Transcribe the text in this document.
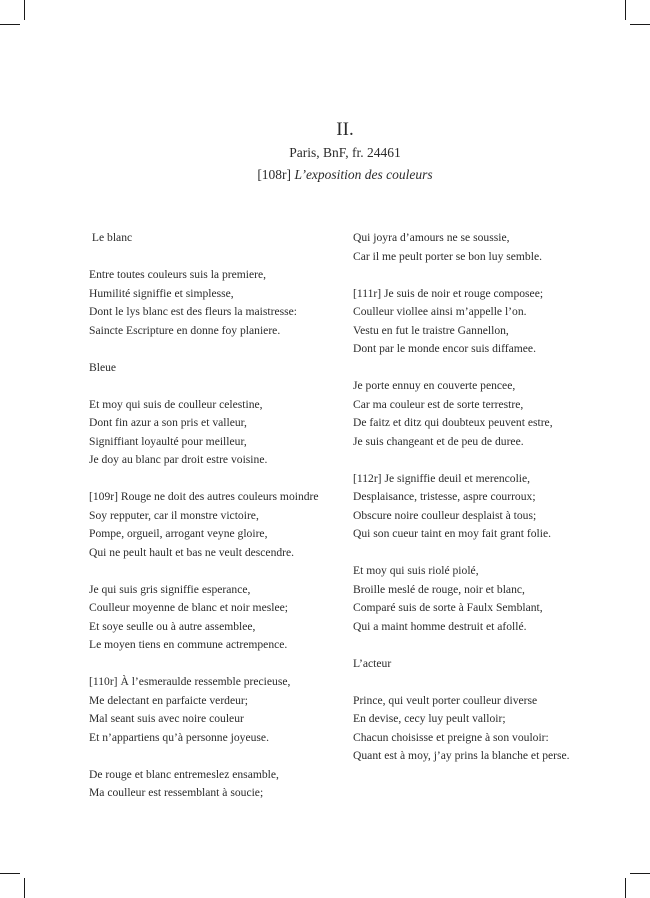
II.
Paris, BnF, fr. 24461
[108r] L’exposition des couleurs
Le blanc
Entre toutes couleurs suis la premiere,
Humilité signiffie et simplesse,
Dont le lys blanc est des fleurs la maistresse:
Saincte Escripture en donne foy planiere.
Bleue
Et moy qui suis de coulleur celestine,
Dont fin azur a son pris et valleur,
Signiffiant loyaulté pour meilleur,
Je doy au blanc par droit estre voisine.
[109r] Rouge ne doit des autres couleurs moindre
Soy repputer, car il monstre victoire,
Pompe, orgueil, arrogant veyne gloire,
Qui ne peult hault et bas ne veult descendre.
Je qui suis gris signiffie esperance,
Coulleur moyenne de blanc et noir meslee;
Et soye seulle ou à autre assemblee,
Le moyen tiens en commune actrempence.
[110r] À l’esmeraulde ressemble precieuse,
Me delectant en parfaicte verdeur;
Mal seant suis avec noire couleur
Et n’appartiens qu’à personne joyeuse.
De rouge et blanc entremeslez ensamble,
Ma coulleur est ressemblant à soucie;
Qui joyra d’amours ne se soussie,
Car il me peult porter se bon luy semble.
[111r] Je suis de noir et rouge composee;
Coulleur viollee ainsi m’appelle l’on.
Vestu en fut le traistre Gannellon,
Dont par le monde encor suis diffamee.
Je porte ennuy en couverte pencee,
Car ma couleur est de sorte terrestre,
De faitz et ditz qui doubteux peuvent estre,
Je suis changeant et de peu de duree.
[112r] Je signiffie deuil et merencolie,
Desplaisance, tristesse, aspre courroux;
Obscure noire coulleur desplaist à tous;
Qui son cueur taint en moy fait grant folie.
Et moy qui suis riolé piolé,
Broille meslé de rouge, noir et blanc,
Comparé suis de sorte à Faulx Semblant,
Qui a maint homme destruit et afollé.
L’acteur
Prince, qui veult porter coulleur diverse
En devise, cecy luy peult valloir;
Chacun choisisse et preigne à son vouloir:
Quant est à moy, j’ay prins la blanche et perse.
